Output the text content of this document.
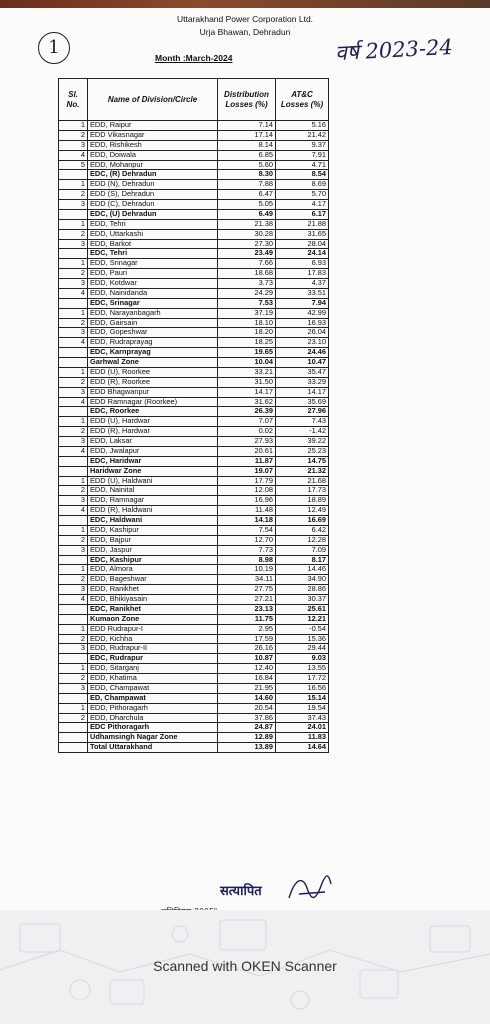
Uttarakhand Power Corporation Ltd.
Urja Bhawan, Dehradun
Month :March-2024
1	वर्ष 2023-24
Sl. No.	Name of Division/Circle	Distribution Losses (%)	AT&C Losses (%)
1	EDD, Raipur	7.14	5.16
2	EDD Vikasnagar	17.14	21.42
3	EDD, Rishikesh	8.14	9.37
4	EDD, Doiwala	6.85	7.91
5	EDD, Mohanpur	5.60	4.71
	EDC, (R) Dehradun	8.30	8.54
1	EDD (N), Dehradun	7.88	8.69
2	EDD (S), Dehradun	6.47	5.70
3	EDD (C), Dehradun	5.05	4.17
	EDC, (U) Dehradun	6.49	6.17
1	EDD, Tehri	21.38	21.88
2	EDD, Uttarkashi	30.28	31.65
3	EDD, Barkot	27.30	28.04
	EDC, Tehri	23.49	24.14
1	EDD, Srinagar	7.66	6.93
2	EDD, Pauri	18.68	17.83
3	EDD, Kotdwar	3.73	4.37
4	EDD, Nainidanda	24.29	33.51
	EDC, Srinagar	7.53	7.94
1	EDD, Narayanbagarh	37.19	42.99
2	EDD, Gairsain	18.10	16.93
3	EDD, Gopeshwar	18.20	26.04
4	EDD, Rudraprayag	18.25	23.10
	EDC, Karnprayag	19.65	24.46
	Garhwal Zone	10.04	10.47
1	EDD (U), Roorkee	33.21	35.47
2	EDD (R), Roorkee	31.50	33.29
3	EDD Bhagwanpur	14.17	14.17
4	EDD Ramnagar (Roorkee)	31.62	35.69
	EDC, Roorkee	26.39	27.96
1	EDD (U), Hardwar	7.07	7.43
2	EDD (R), Hardwar	0.02	-1.42
3	EDD, Laksar	27.93	39.22
4	EDD, Jwalapur	20.61	25.23
	EDC, Haridwar	11.87	14.75
	Haridwar Zone	19.07	21.32
1	EDD (U), Haldwani	17.79	21.68
2	EDD, Nainital	12.08	17.73
3	EDD, Ramnagar	16.96	18.89
4	EDD (R), Haldwani	11.48	12.49
	EDC, Haldwani	14.18	16.69
1	EDD, Kashipur	7.54	6.42
2	EDD, Bajpur	12.70	12.28
3	EDD, Jaspur	7.73	7.09
	EDC, Kashipur	8.98	8.17
1	EDD, Almora	10.19	14.46
2	EDD, Bageshwar	34.11	34.90
3	EDD, Ranikhet	27.75	28.86
4	EDD, Bhikiyasain	27.21	30.37
	EDC, Ranikhet	23.13	25.61
	Kumaon Zone	11.75	12.21
1	EDD Rudrapur-I	2.95	-0.54
2	EDD, Kichha	17.59	15.36
3	EDD, Rudrapur-II	26.16	29.44
	EDC, Rudrapur	10.87	9.03
1	EDD, Sitarganj	12.40	13.55
2	EDD, Khatima	16.84	17.72
3	EDD, Champawat	21.95	16.56
	ED, Champawat	14.60	15.14
1	EDD, Pithoragarh	20.54	19.54
2	EDD, Dharchula	37.86	37.43
	EDC Pithoragarh	24.87	24.01
	Udhamsingh Nagar Zone	12.89	11.83
	Total Uttarakhand	13.89	14.64
सत्यापित
Scanned with OKEN Scanner
